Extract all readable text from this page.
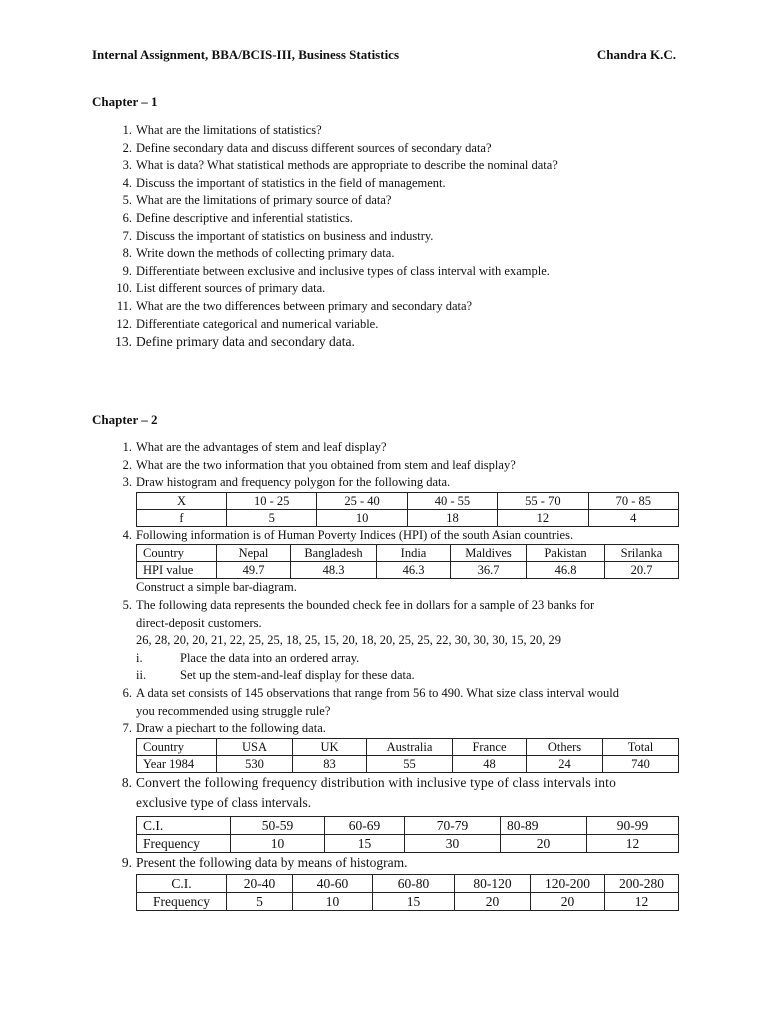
Internal Assignment, BBA/BCIS-III, Business Statistics	Chandra K.C.
Chapter – 1
1. What are the limitations of statistics?
2. Define secondary data and discuss different sources of secondary data?
3. What is data? What statistical methods are appropriate to describe the nominal data?
4. Discuss the important of statistics in the field of management.
5. What are the limitations of primary source of data?
6. Define descriptive and inferential statistics.
7. Discuss the important of statistics on business and industry.
8. Write down the methods of collecting primary data.
9. Differentiate between exclusive and inclusive types of class interval with example.
10. List different sources of primary data.
11. What are the two differences between primary and secondary data?
12. Differentiate categorical and numerical variable.
13. Define primary data and secondary data.
Chapter – 2
1. What are the advantages of stem and leaf display?
2. What are the two information that you obtained from stem and leaf display?
3. Draw histogram and frequency polygon for the following data.
X	10 - 25	25 - 40	40 - 55	55 - 70	70 - 85
f	5	10	18	12	4
4. Following information is of Human Poverty Indices (HPI) of the south Asian countries.
Country	Nepal	Bangladesh	India	Maldives	Pakistan	Srilanka
HPI value	49.7	48.3	46.3	36.7	46.8	20.7
Construct a simple bar-diagram.
5. The following data represents the bounded check fee in dollars for a sample of 23 banks for
direct-deposit customers.
26, 28, 20, 20, 21, 22, 25, 25, 18, 25, 15, 20, 18, 20, 25, 25, 22, 30, 30, 30, 15, 20, 29
i.	Place the data into an ordered array.
ii.	Set up the stem-and-leaf display for these data.
6. A data set consists of 145 observations that range from 56 to 490. What size class interval would
you recommended using struggle rule?
7. Draw a piechart to the following data.
Country	USA	UK	Australia	France	Others	Total
Year 1984	530	83	55	48	24	740
8. Convert the following frequency distribution with inclusive type of class intervals into
exclusive type of class intervals.
C.I.	50-59	60-69	70-79	80-89	90-99
Frequency	10	15	30	20	12
9. Present the following data by means of histogram.
C.I.	20-40	40-60	60-80	80-120	120-200	200-280
Frequency	5	10	15	20	20	12
